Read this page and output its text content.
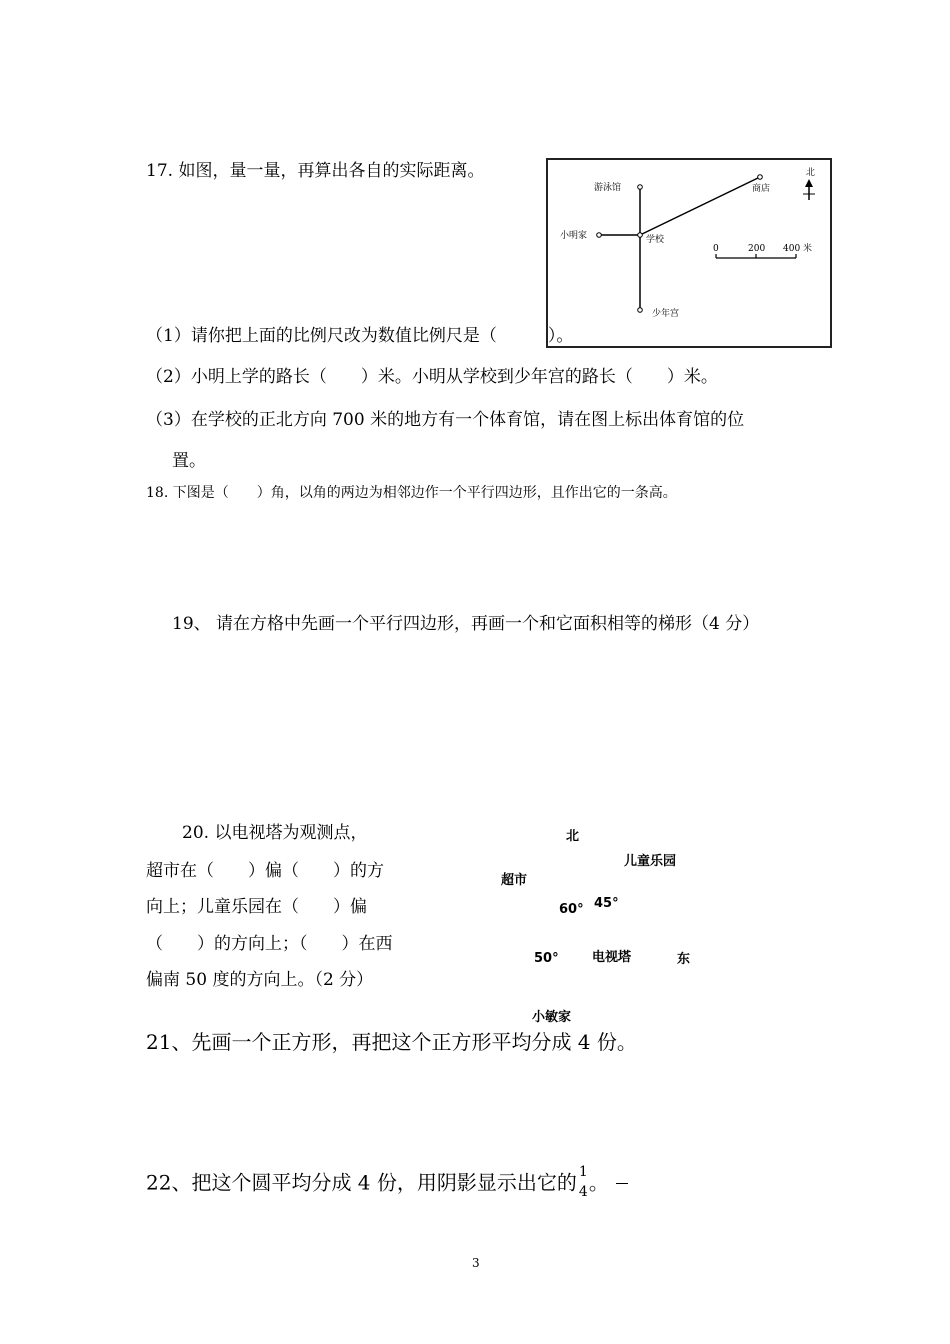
17. 如图，量一量，再算出各自的实际距离。	北
游泳馆	商店
小明家	学校
少年宫
0	200 400 米
（1）请你把上面的比例尺改为数值比例尺是（　　　）。
（2）小明上学的路长（　　）米。小明从学校到少年宫的路长（　　）米。
（3）在学校的正北方向 700 米的地方有一个体育馆，请在图上标出体育馆的位
置。
18. 下图是（　　）角，以角的两边为相邻边作一个平行四边形，且作出它的一条高。
19、 请在方格中先画一个平行四边形，再画一个和它面积相等的梯形（4 分）
20. 以电视塔为观测点，
超市在（　　）偏（　　）的方
向上；儿童乐园在（　　）偏
（　　）的方向上；（　　）在西
偏南 50 度的方向上。（2 分）
北
儿童乐园
超市
60° 45°
50°	电视塔	东
小敏家
21、先画一个正方形，再把这个正方形平均分成 4 份。
22、把这个圆平均分成 4 份，用阴影显示出它的 1
4 。
3
